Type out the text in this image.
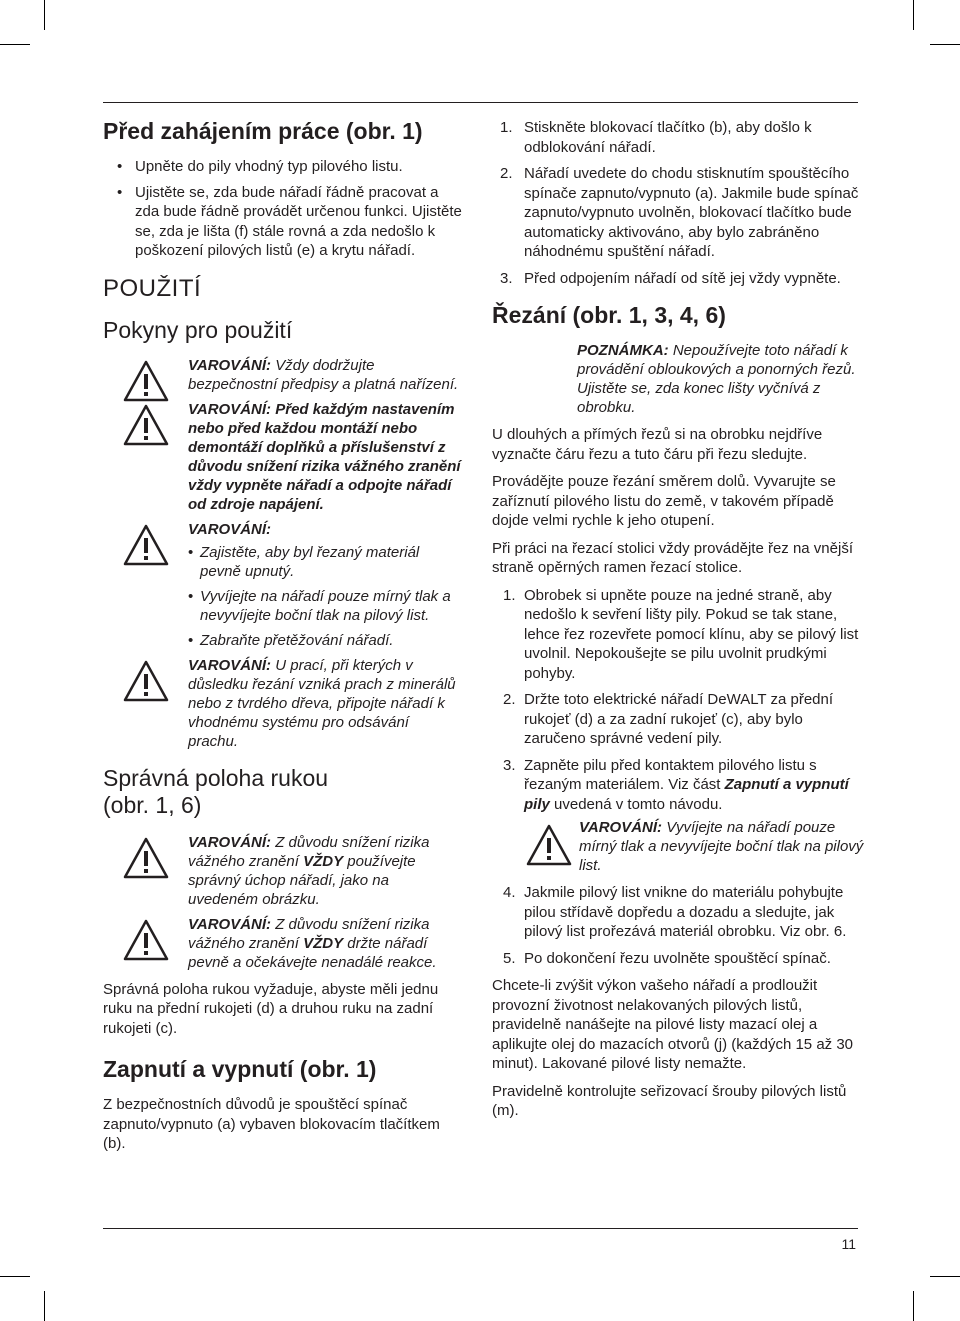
Před zahájením práce (obr. 1)
• Upněte do pily vhodný typ pilového listu.
• Ujistěte se, zda bude nářadí řádně pracovat a zda bude řádně provádět určenou funkci. Ujistěte se, zda je lišta (f) stále rovná a zda nedošlo k poškození pilových listů (e) a krytu nářadí.
POUŽITÍ
Pokyny pro použití

VAROVÁNÍ: Vždy dodržujte bezpečnostní předpisy a platná nařízení.

VAROVÁNÍ: Před každým nastavením nebo před každou montáží nebo demontáží doplňků a příslušenství z důvodu snížení rizika vážného zranění vždy vypněte nářadí a odpojte nářadí od zdroje napájení.

VAROVÁNÍ:

• Zajistěte, aby byl řezaný materiál pevně upnutý.
• Vyvíjejte na nářadí pouze mírný tlak a nevyvíjejte boční tlak na pilový list.
• Zabraňte přetěžování nářadí.

VAROVÁNÍ: U prací, při kterých v důsledku řezání vzniká prach z minerálů nebo z tvrdého dřeva, připojte nářadí k vhodnému systému pro odsávání prachu.

Správná poloha rukou
(obr. 1, 6)

VAROVÁNÍ: Z důvodu snížení rizika vážného zranění VŽDY používejte správný úchop nářadí, jako na uvedeném obrázku.

VAROVÁNÍ: Z důvodu snížení rizika vážného zranění VŽDY držte nářadí pevně a očekávejte nenadálé reakce.

Správná poloha rukou vyžaduje, abyste měli jednu ruku na přední rukojeti (d) a druhou ruku na zadní rukojeti (c).

Zapnutí a vypnutí (obr. 1)

Z bezpečnostních důvodů je spouštěcí spínač zapnuto/vypnuto (a) vybaven blokovacím tlačítkem (b).

1. Stiskněte blokovací tlačítko (b), aby došlo k odblokování nářadí.
2. Nářadí uvedete do chodu stisknutím spouštěcího spínače zapnuto/vypnuto (a). Jakmile bude spínač zapnuto/vypnuto uvolněn, blokovací tlačítko bude automaticky aktivováno, aby bylo zabráněno náhodnému spuštění nářadí.
3. Před odpojením nářadí od sítě jej vždy vypněte.
Řezání (obr. 1, 3, 4, 6)

POZNÁMKA: Nepoužívejte toto nářadí k provádění obloukových a ponorných řezů. Ujistěte se, zda konec lišty vyčnívá z obrobku.

U dlouhých a přímých řezů si na obrobku nejdříve vyznačte čáru řezu a tuto čáru při řezu sledujte.

Provádějte pouze řezání směrem dolů. Vyvarujte se zaříznutí pilového listu do země, v takovém případě dojde velmi rychle k jeho otupení.

Při práci na řezací stolici vždy provádějte řez na vnější straně opěrných ramen řezací stolice.

1. Obrobek si upněte pouze na jedné straně, aby nedošlo k sevření lišty pily. Pokud se tak stane, lehce řez rozevřete pomocí klínu, aby se pilový list uvolnil. Nepokoušejte se pilu uvolnit prudkými pohyby.
2. Držte toto elektrické nářadí DeWALT za přední rukojeť (d) a za zadní rukojeť (c), aby bylo zaručeno správné vedení pily.
3. Zapněte pilu před kontaktem pilového listu s řezaným materiálem. Viz část Zapnutí a vypnutí pily uvedená v tomto návodu.

VAROVÁNÍ: Vyvíjejte na nářadí pouze mírný tlak a nevyvíjejte boční tlak na pilový list.

4. Jakmile pilový list vnikne do materiálu pohybujte pilou střídavě dopředu a dozadu a sledujte, jak pilový list prořezává materiál obrobku. Viz obr. 6.
5. Po dokončení řezu uvolněte spouštěcí spínač.

Chcete-li zvýšit výkon vašeho nářadí a prodloužit provozní životnost nelakovaných pilových listů, pravidelně nanášejte na pilové listy mazací olej a aplikujte olej do mazacích otvorů (j) (každých 15 až 30 minut). Lakované pilové listy nemažte.

Pravidelně kontrolujte seřizovací šrouby pilových listů (m).

11
